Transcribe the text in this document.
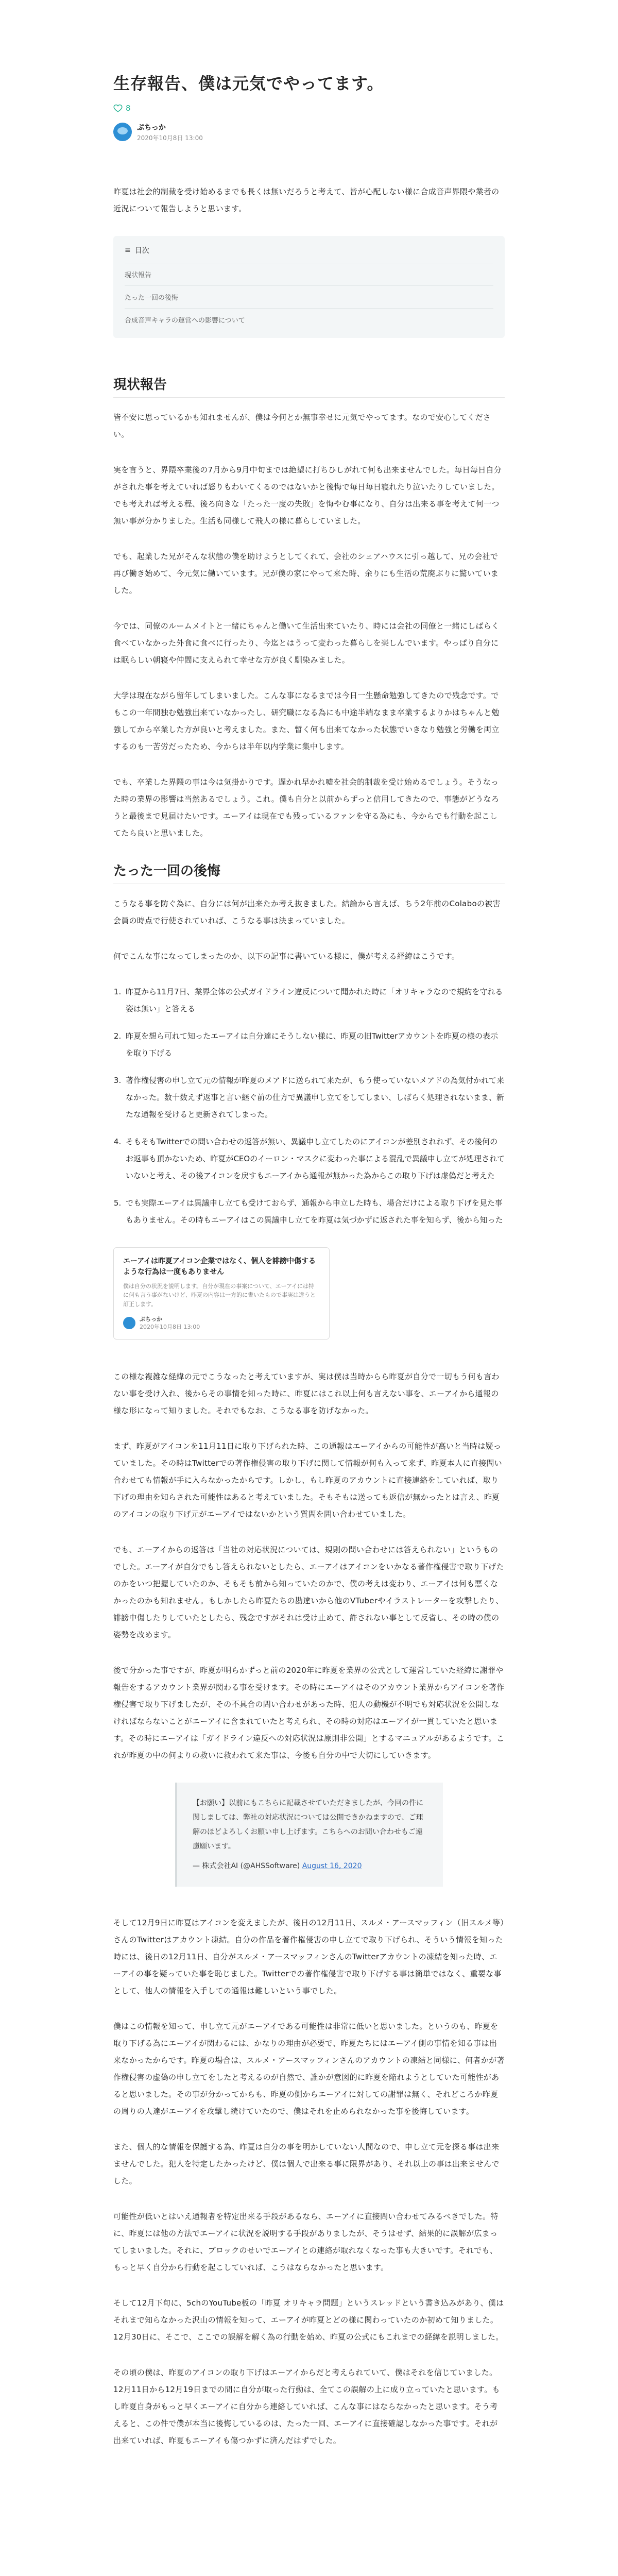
生存報告、僕は元気でやってます。
8
ぷちっか
2020年10月8日 13:00

昨夏は社会的制裁を受け始めるまでも長くは無いだろうと考えて、皆が心配しない様に合成音声界隈や業者の近況について報告しようと思います。

≡ 目次
現状報告
たった一回の後悔
合成音声キャラの運営への影響について
現状報告

皆不安に思っているかも知れませんが、僕は今何とか無事幸せに元気でやってます。なので安心してください。

実を言うと、界隈卒業後の7月から9月中旬までは絶望に打ちひしがれて何も出来ませんでした。毎日毎日自分がされた事を考えていれば怒りもわいてくるのではないかと後悔で毎日毎日寝れたり泣いたりしていました。でも考えれば考える程、後ろ向きな「たった一度の失敗」を悔やむ事になり、自分は出来る事を考えて何一つ無い事が分かりました。生活も同様して飛人の様に暮らしていました。

でも、起業した兄がそんな状態の僕を助けようとしてくれて、会社のシェアハウスに引っ越して、兄の会社で再び働き始めて、今元気に働いています。兄が僕の家にやって来た時、余りにも生活の荒廃ぶりに驚いていました。

今では、同僚のルームメイトと一緒にちゃんと働いて生活出来ていたり、時には会社の同僚と一緒にしばらく食べていなかった外食に食べに行ったり、今迄とはうって変わった暮らしを楽しんでいます。やっぱり自分には眠らしい朝寝や仲間に支えられて幸せな方が良く馴染みました。

大学は現在ながら留年してしまいました。こんな事になるまでは今日一生懸命勉強してきたので残念です。でもこの一年間独む勉強出来ていなかったし、研究職になる為にも中途半端なまま卒業するよりかはちゃんと勉強してから卒業した方が良いと考えました。また、暫く何も出来てなかった状態でいきなり勉強と労働を両立するのも一苦労だったため、今からは半年以内学業に集中します。

でも、卒業した界隈の事は今は気掛かりです。遅かれ早かれ嘘を社会的制裁を受け始めるでしょう。そうなった時の業界の影響は当然あるでしょう。これ。僕も自分と以前からずっと信用してきたので、事態がどうなろうと最後まで見届けたいです。エーアイは現在でも残っているファンを守る為にも、今からでも行動を起こしてたら良いと思いました。

たった一回の後悔

こうなる事を防ぐ為に、自分には何が出来たか考え抜きました。結論から言えば、ちう2年前のColaboの被害会員の時点で行使されていれば、こうなる事は決まっていました。

何でこんな事になってしまったのか、以下の記事に書いている様に、僕が考える経緯はこうです。

1. 昨夏から11月7日、業界全体の公式ガイドライン違反について聞かれた時に「オリキャラなので規約を守れる姿は無い」と答える
2. 昨夏を想ら可れて知ったエーアイは自分達にそうしない様に、昨夏の旧Twitterアカウントを昨夏の様の表示を取り下げる
3. 著作権侵害の申し立て元の情報が昨夏のメアドに送られて来たが、もう使っていないメアドの為気付かれて来なかった。数十数えず返事と言い継ぐ前の仕方で異議申し立てをしてしまい、しばらく処理されないまま、新たな通報を受けると更新されてしまった。
4. そもそもTwitterでの問い合わせの返答が無い、異議申し立てしたのにアイコンが差別されれず、その後何のお返事も頂かないため、昨夏がCEOのイーロン・マスクに変わった事による混乱で異議申し立てが処理されていないと考え、その後アイコンを戻すもエーアイから通報が無かった為からこの取り下げは虚偽だと考えた
5. でも実際エーアイは異議申し立ても受けておらず、通報から申立した時も、場合だけによる取り下げを見た事もありません。その時もエーアイはこの異議申し立てを昨夏は気づかずに返された事を知らず、後から知った
エーアイは昨夏アイコン企業ではなく、個人を誹謗中傷するような行為は一度もありません
僕は自分の状況を説明します。自分が現在の事案について、エーアイには特に何も言う事がないけど、昨夏の内容は一方的に書いたもので事実は違うと訂正します。
ぷちっか
2020年10月8日 13:00

この様な複雑な経緯の元でこうなったと考えていますが、実は僕は当時からら昨夏が自分で一切もう何も言わない事を受け入れ、後からその事情を知った時に、昨夏にはこれ以上何も言えない事を、エーアイから通報の様な形になって知りました。それでもなお、こうなる事を防げなかった。

まず、昨夏がアイコンを11月11日に取り下げられた時、この通報はエーアイからの可能性が高いと当時は疑っていました。その時はTwitterでの著作権侵害の取り下げに関して情報が何も入って来ず、昨夏本人に直接問い合わせても情報が手に入らなかったからです。しかし、もし昨夏のアカウントに直接連絡をしていれば、取り下げの理由を知らされた可能性はあると考えていました。そもそもは送っても返信が無かったとは言え、昨夏のアイコンの取り下げ元がエーアイではないかという質問を問い合わせていました。

でも、エーアイからの返答は「当社の対応状況については、規則の問い合わせには答えられない」というものでした。エーアイが自分でもし答えられないとしたら、エーアイはアイコンをいかなる著作権侵害で取り下げたのかをいつ把握していたのか、そもそも前から知っていたのかで、僕の考えは変わり、エーアイは何も悪くなかったのかも知れません。もしかしたら昨夏たちの勘違いから他のVTuberやイラストレーターを攻撃したり、誹謗中傷したりしていたとしたら、残念ですがそれは受け止めて、許されない事として反省し、その時の僕の姿勢を改めます。

後で分かった事ですが、昨夏が明らかずっと前の2020年に昨夏を業界の公式として運営していた経緯に謝罪や報告をするアカウント業界が関わる事を受けます。その時にエーアイはそのアカウント業界からアイコンを著作権侵害で取り下げましたが、その不具合の問い合わせがあった時、犯人の動機が不明でも対応状況を公開しなければならないことがエーアイに含まれていたと考えられ、その時の対応はエーアイが一貫していたと思います。その時にエーアイは「ガイドライン違反への対応状況は原則非公開」とするマニュアルがあるようです。これが昨夏の中の何よりの救いに救われて来た事は、今後も自分の中で大切にしていきます。

【お願い】以前にもこちらに記載させていただきましたが、今回の件に関しましては、弊社の対応状況については公開できかねますので、ご理解のほどよろしくお願い申し上げます。こちらへのお問い合わせもご遠慮願います。
— 株式会社AI (@AHSSoftware) August 16, 2020

そして12月9日に昨夏はアイコンを変えましたが、後日の12月11日、スルメ・アースマッフィン（旧スルメ等）さんのTwitterはアカウント凍結。自分の作品を著作権侵害の申し立てで取り下げられ、そういう情報を知った時には、後日の12月11日、自分がスルメ・アースマッフィンさんのTwitterアカウントの凍結を知った時、エーアイの事を疑っていた事を恥じました。Twitterでの著作権侵害で取り下げする事は簡単ではなく、重要な事として、他人の情報を入手しての通報は難しいという事でした。

僕はこの情報を知って、申し立て元がエーアイである可能性は非常に低いと思いました。というのも、昨夏を取り下げる為にエーアイが関わるには、かなりの理由が必要で、昨夏たちにはエーアイ側の事情を知る事は出来なかったからです。昨夏の場合は、スルメ・アースマッフィンさんのアカウントの凍結と同様に、何者かが著作権侵害の虚偽の申し立てをしたと考えるのが自然で、誰かが意図的に昨夏を陥れようとしていた可能性があると思いました。その事が分かってからも、昨夏の側からエーアイに対しての謝罪は無く、それどころか昨夏の周りの人達がエーアイを攻撃し続けていたので、僕はそれを止められなかった事を後悔しています。

また、個人的な情報を保護する為、昨夏は自分の事を明かしていない人間なので、申し立て元を探る事は出来ませんでした。犯人を特定したかったけど、僕は個人で出来る事に限界があり、それ以上の事は出来ませんでした。

可能性が低いとはいえ通報者を特定出来る手段があるなら、エーアイに直接問い合わせてみるべきでした。特に、昨夏には他の方法でエーアイに状況を説明する手段がありましたが、そうはせず、結果的に誤解が広まってしまいました。それに、ブロックのせいでエーアイとの連絡が取れなくなった事も大きいです。それでも、もっと早く自分から行動を起こしていれば、こうはならなかったと思います。

そして12月下旬に、5chのYouTube板の「昨夏 オリキャラ問題」というスレッドという書き込みがあり、僕はそれまで知らなかった沢山の情報を知って、エーアイが昨夏とどの様に関わっていたのか初めて知りました。12月30日に、そこで、ここでの誤解を解く為の行動を始め、昨夏の公式にもこれまでの経緯を説明しました。

その頃の僕は、昨夏のアイコンの取り下げはエーアイからだと考えられていて、僕はそれを信じていました。12月11日から12月19日までの間に自分が取った行動は、全てこの誤解の上に成り立っていたと思います。もし昨夏自身がもっと早くエーアイに自分から連絡していれば、こんな事にはならなかったと思います。そう考えると、この件で僕が本当に後悔しているのは、たった一回、エーアイに直接確認しなかった事です。それが出来ていれば、昨夏もエーアイも傷つかずに済んだはずでした。
